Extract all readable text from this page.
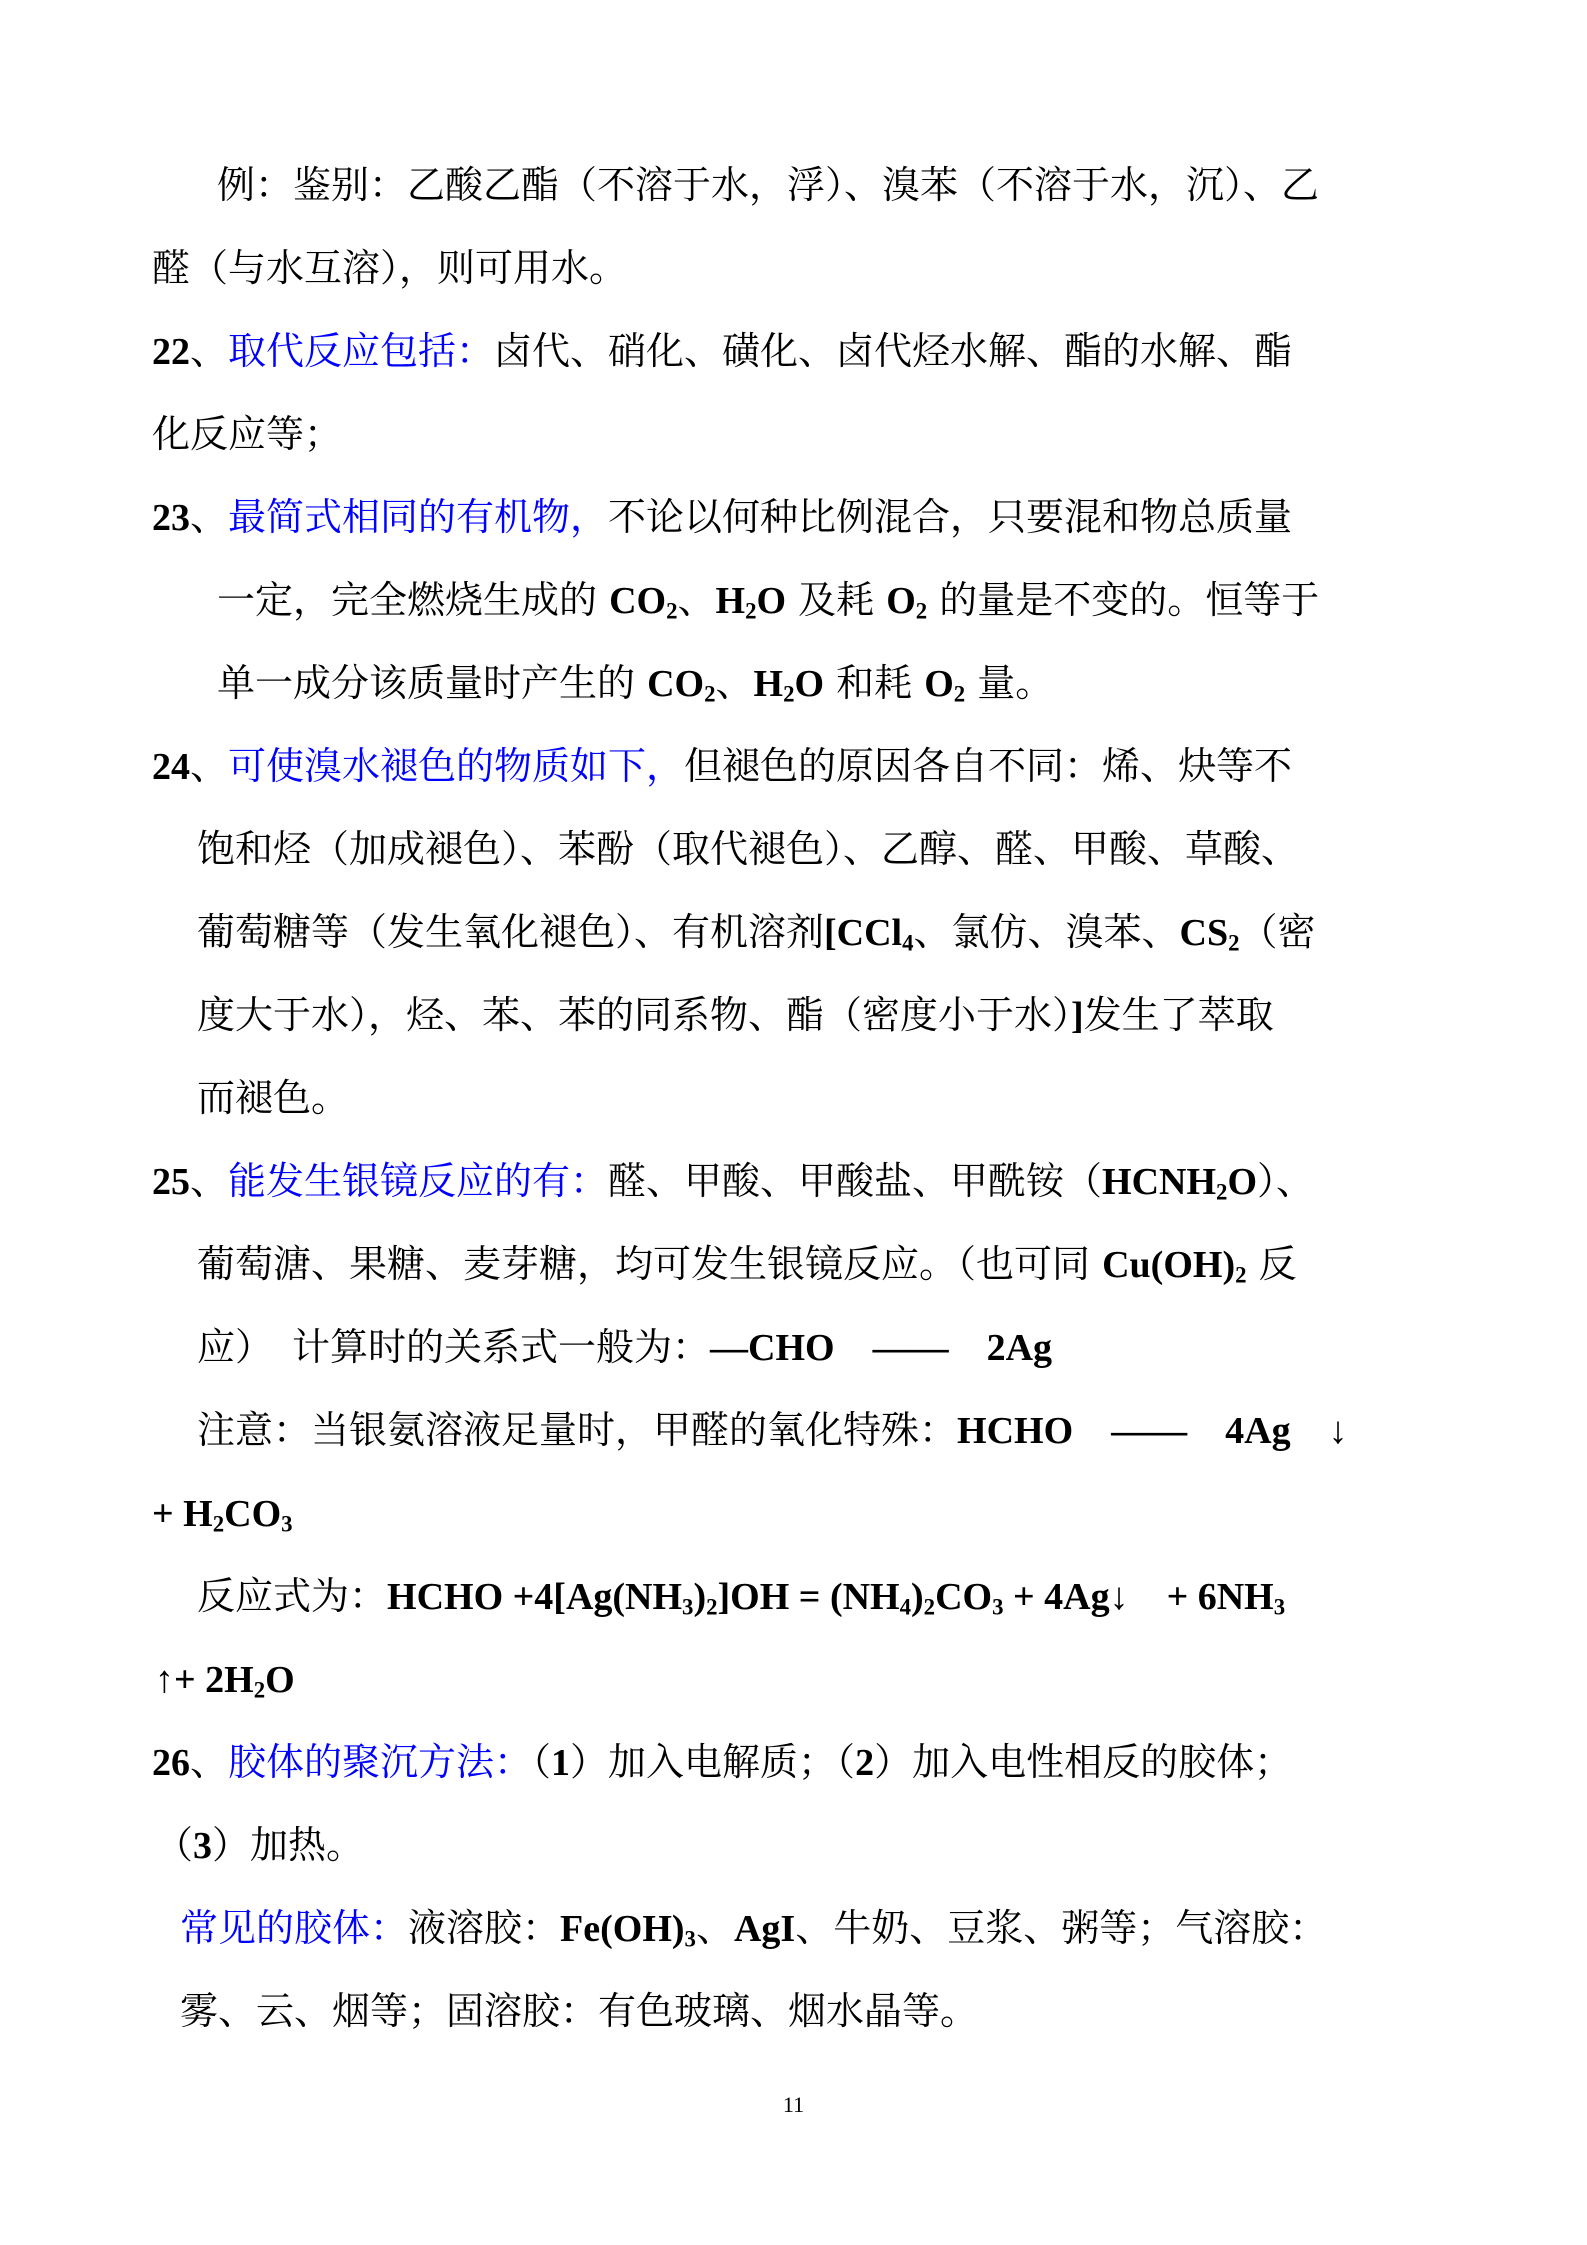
例：鉴别：乙酸乙酯（不溶于水，浮）、溴苯（不溶于水，沉）、乙
醛（与水互溶），则可用水。
22、取代反应包括：卤代、硝化、磺化、卤代烃水解、酯的水解、酯
化反应等；
23、最简式相同的有机物，不论以何种比例混合，只要混和物总质量
一定，完全燃烧生成的 $CO_2$、$H_2O$ 及耗 $O_2$ 的量是不变的。恒等于
单一成分该质量时产生的 $CO_2$、$H_2O$ 和耗 $O_2$ 量。
24、可使溴水褪色的物质如下，但褪色的原因各自不同：烯、炔等不
饱和烃（加成褪色）、苯酚（取代褪色）、乙醇、醛、甲酸、草酸、
葡萄糖等（发生氧化褪色）、有机溶剂[CCl$_4$、氯仿、溴苯、$CS_2$（密
度大于水），烃、苯、苯的同系物、酯（密度小于水）]发生了萃取
而褪色。
25、能发生银镜反应的有：醛、甲酸、甲酸盐、甲酰铵$(HCNH_2O)$、
葡萄溏、果糖、麦芽糖，均可发生银镜反应。（也可同 $Cu(OH)_2$ 反
应）　计算时的关系式一般为：—CHO　——　2Ag
注意：当银氨溶液足量时，甲醛的氧化特殊：HCHO　——　4Ag　↓
+ $H_2CO_3$
反应式为：HCHO $+4[Ag(NH_3)_2]OH = (NH_4)_2CO_3$ + 4Ag↓　+ $6NH_3$
↑+ $2H_2O$
26、胶体的聚沉方法：（1）加入电解质；（2）加入电性相反的胶体；
（3）加热。
常见的胶体：液溶胶：$Fe(OH)_3$、AgI、牛奶、豆浆、粥等；气溶胶：
雾、云、烟等；固溶胶：有色玻璃、烟水晶等。
11
